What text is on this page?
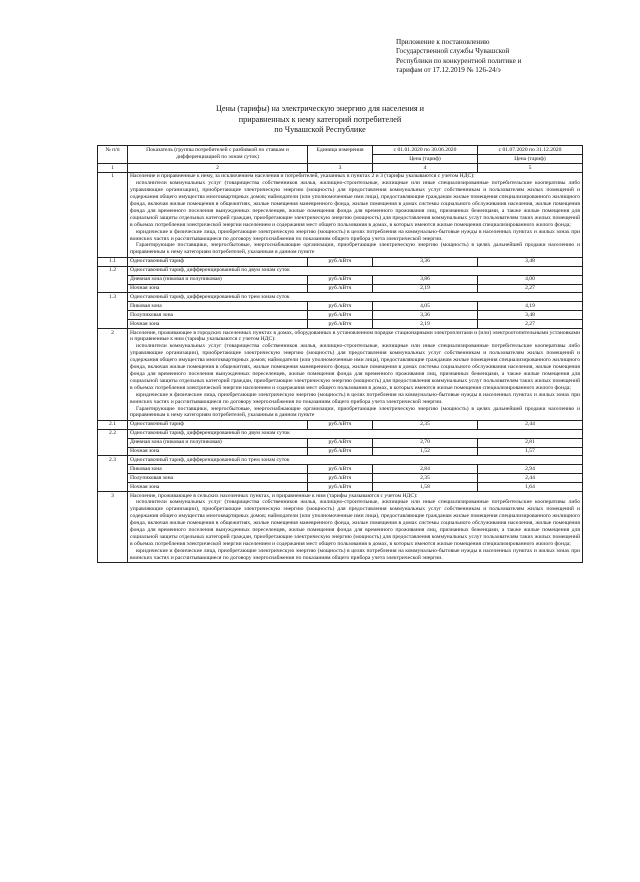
Приложение к постановлению
Государственной службы Чувашской
Республики по конкурентной политике и
тарифам от 17.12.2019 № 126-24/э
Цены (тарифы) на электрическую энергию для населения и
приравненных к нему категорий потребителей
по Чувашской Республике
№ п/п	Показатель (группы потребителей с разбивкой по ставкам и дифференциацией по зонам суток)	Единица измерения	с 01.01.2020 по 30.06.2020	с 01.07.2020 по 31.12.2020
			Цена (тариф)	Цена (тариф)
1	2	3	4	5
1	Население и приравненные к нему, за исключением населения и потребителей, указанных в пунктах 2 и 3 (тарифы указываются с учетом НДС):
исполнители коммунальных услуг (товарищества собственников жилья, жилищно-строительные, жилищные или иные специализированные потребительские кооперативы либо управляющие организации), приобретающие электрическую энергию (мощность) для предоставления коммунальных услуг собственникам и пользователям жилых помещений и содержания общего имущества многоквартирных домов; наймодатели (или уполномоченные ими лица), предоставляющие гражданам жилые помещения специализированного жилищного фонда, включая жилые помещения в общежитиях, жилые помещения маневренного фонда, жилые помещения в домах системы социального обслуживания населения, жилые помещения фонда для временного поселения вынужденных переселенцев, жилые помещения фонда для временного проживания лиц, признанных беженцами, а также жилые помещения для социальной защиты отдельных категорий граждан, приобретающие электрическую энергию (мощность) для предоставления коммунальных услуг пользователям таких жилых помещений в объемах потребления электрической энергии населением и содержания мест общего пользования в домах, в которых имеются жилые помещения специализированного жилого фонда;
юридические и физические лица, приобретающие электрическую энергию (мощность) в целях потребления на коммунально-бытовые нужды в населенных пунктах и жилых зонах при воинских частях и рассчитывающиеся по договору энергоснабжения по показаниям общего прибора учета электрической энергии.
Гарантирующие поставщики, энергосбытовые, энергоснабжающие организации, приобретающие электрическую энергию (мощность) в целях дальнейшей продажи населению и приравненным к нему категориям потребителей, указанным в данном пункте			

1.1	Одноставочный тариф	руб./кВтч	3,36	3,48
1.2	Одноставочный тариф, дифференцированный по двум зонам суток			
	Дневная зона (пиковая и полупиковая)	руб./кВтч	3,86	4,00
	Ночная зона	руб./кВтч	2,19	2,27
1.3	Одноставочный тариф, дифференцированный по трем зонам суток			
	Пиковая зона	руб./кВтч	4,05	4,19
	Полупиковая зона	руб./кВтч	3,36	3,48
	Ночная зона	руб./кВтч	2,19	2,27
2	Население, проживающее в городских населенных пунктах в домах, оборудованных в установленном порядке стационарными электроплитами и (или) электроотопительными установками и приравненные к ним (тарифы указываются с учетом НДС):
исполнители коммунальных услуг (товарищества собственников жилья, жилищно-строительные, жилищные или иные специализированные потребительские кооперативы либо управляющие организации), приобретающие электрическую энергию (мощность) для предоставления коммунальных услуг собственникам и пользователям жилых помещений и содержания общего имущества многоквартирных домов; наймодатели (или уполномоченные ими лица), предоставляющие гражданам жилые помещения специализированного жилищного фонда, включая жилые помещения в общежитиях, жилые помещения маневренного фонда, жилые помещения в домах системы социального обслуживания населения, жилые помещения фонда для временного поселения вынужденных переселенцев, жилые помещения фонда для временного проживания лиц, признанных беженцами, а также жилые помещения для социальной защиты отдельных категорий граждан, приобретающие электрическую энергию (мощность) для предоставления коммунальных услуг пользователям таких жилых помещений в объемах потребления электрической энергии населением и содержания мест общего пользования в домах, в которых имеются жилые помещения специализированного жилого фонда;
юридические и физические лица, приобретающие электрическую энергию (мощность) в целях потребления на коммунально-бытовые нужды в населенных пунктах и жилых зонах при воинских частях и рассчитывающиеся по договору энергоснабжения по показаниям общего прибора учета электрической энергии.
Гарантирующие поставщики, энергосбытовые, энергоснабжающие организации, приобретающие электрическую энергию (мощность) в целях дальнейшей продажи населению и приравненным к нему категориям потребителей, указанным в данном пункте			

2.1	Одноставочный тариф	руб./кВтч	2,35	2,44
2.2	Одноставочный тариф, дифференцированный по двум зонам суток			
	Дневная зона (пиковая и полупиковая)	руб./кВтч	2,70	2,81
	Ночная зона	руб./кВтч	1,52	1,57
2.3	Одноставочный тариф, дифференцированный по трем зонам суток			
	Пиковая зона	руб./кВтч	2,84	2,94
	Полупиковая зона	руб./кВтч	2,35	2,44
	Ночная зона	руб./кВтч	1,58	1,64
3	Население, проживающее в сельских населенных пунктах, и приравненные к ним (тарифы указываются с учетом НДС):
исполнители коммунальных услуг (товарищества собственников жилья, жилищно-строительные, жилищные или иные специализированные потребительские кооперативы либо управляющие организации), приобретающие электрическую энергию (мощность) для предоставления коммунальных услуг собственникам и пользователям жилых помещений и содержания общего имущества многоквартирных домов; наймодатели (или уполномоченные ими лица), предоставляющие гражданам жилые помещения специализированного жилищного фонда, включая жилые помещения в общежитиях, жилые помещения маневренного фонда, жилые помещения в домах системы социального обслуживания населения, жилые помещения фонда для временного поселения вынужденных переселенцев, жилые помещения фонда для временного проживания лиц, признанных беженцами, а также жилые помещения для социальной защиты отдельных категорий граждан, приобретающие электрическую энергию (мощность) для предоставления коммунальных услуг пользователям таких жилых помещений в объемах потребления электрической энергии населением и содержания мест общего пользования в домах, в которых имеются жилые помещения специализированного жилого фонда;
юридические и физические лица, приобретающие электрическую энергию (мощность) в целях потребления на коммунально-бытовые нужды в населенных пунктах и жилых зонах при воинских частях и рассчитывающиеся по договору энергоснабжения по показаниям общего прибора учета электрической энергии.			
